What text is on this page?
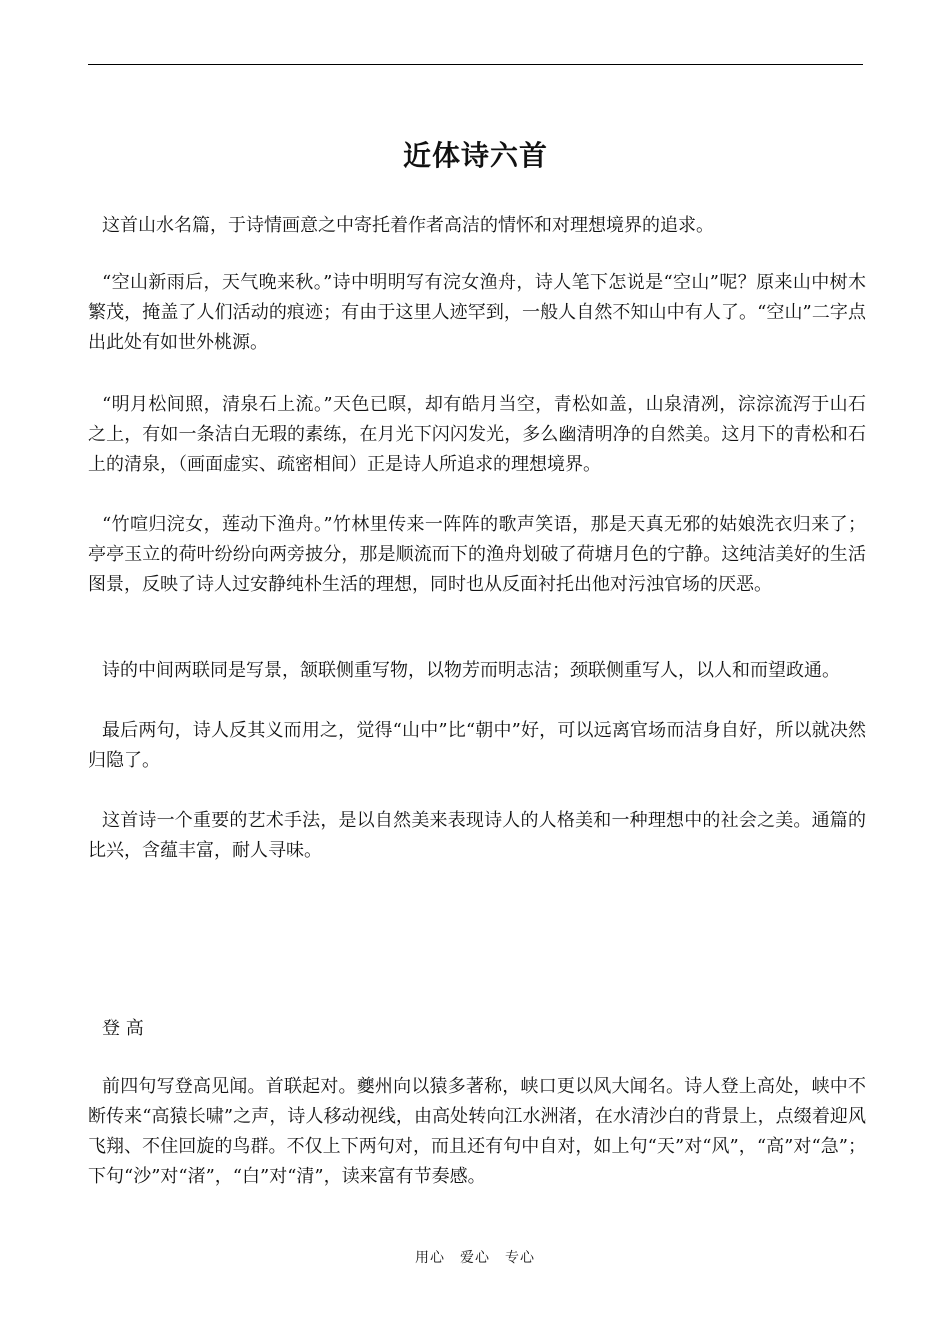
近体诗六首

这首山水名篇，于诗情画意之中寄托着作者高洁的情怀和对理想境界的追求。

“空山新雨后，天气晚来秋。”诗中明明写有浣女渔舟，诗人笔下怎说是“空山”呢？原来山中树木繁茂，掩盖了人们活动的痕迹；有由于这里人迹罕到，一般人自然不知山中有人了。“空山”二字点出此处有如世外桃源。

“明月松间照，清泉石上流。”天色已暝，却有皓月当空，青松如盖，山泉清冽，淙淙流泻于山石之上，有如一条洁白无瑕的素练，在月光下闪闪发光，多么幽清明净的自然美。这月下的青松和石上的清泉，（画面虚实、疏密相间）正是诗人所追求的理想境界。

“竹喧归浣女，莲动下渔舟。”竹林里传来一阵阵的歌声笑语，那是天真无邪的姑娘洗衣归来了；亭亭玉立的荷叶纷纷向两旁披分，那是顺流而下的渔舟划破了荷塘月色的宁静。这纯洁美好的生活图景，反映了诗人过安静纯朴生活的理想，同时也从反面衬托出他对污浊官场的厌恶。

诗的中间两联同是写景，颔联侧重写物，以物芳而明志洁；颈联侧重写人，以人和而望政通。

最后两句，诗人反其义而用之，觉得“山中”比“朝中”好，可以远离官场而洁身自好，所以就决然归隐了。

这首诗一个重要的艺术手法，是以自然美来表现诗人的人格美和一种理想中的社会之美。通篇的比兴，含蕴丰富，耐人寻味。

登 高

前四句写登高见闻。首联起对。夔州向以猿多著称，峡口更以风大闻名。诗人登上高处，峡中不断传来“高猿长啸”之声，诗人移动视线，由高处转向江水洲渚，在水清沙白的背景上，点缀着迎风飞翔、不住回旋的鸟群。不仅上下两句对，而且还有句中自对，如上句“天”对“风”，“高”对“急”；下句“沙”对“渚”，“白”对“清”，读来富有节奏感。

用心　爱心　专心
